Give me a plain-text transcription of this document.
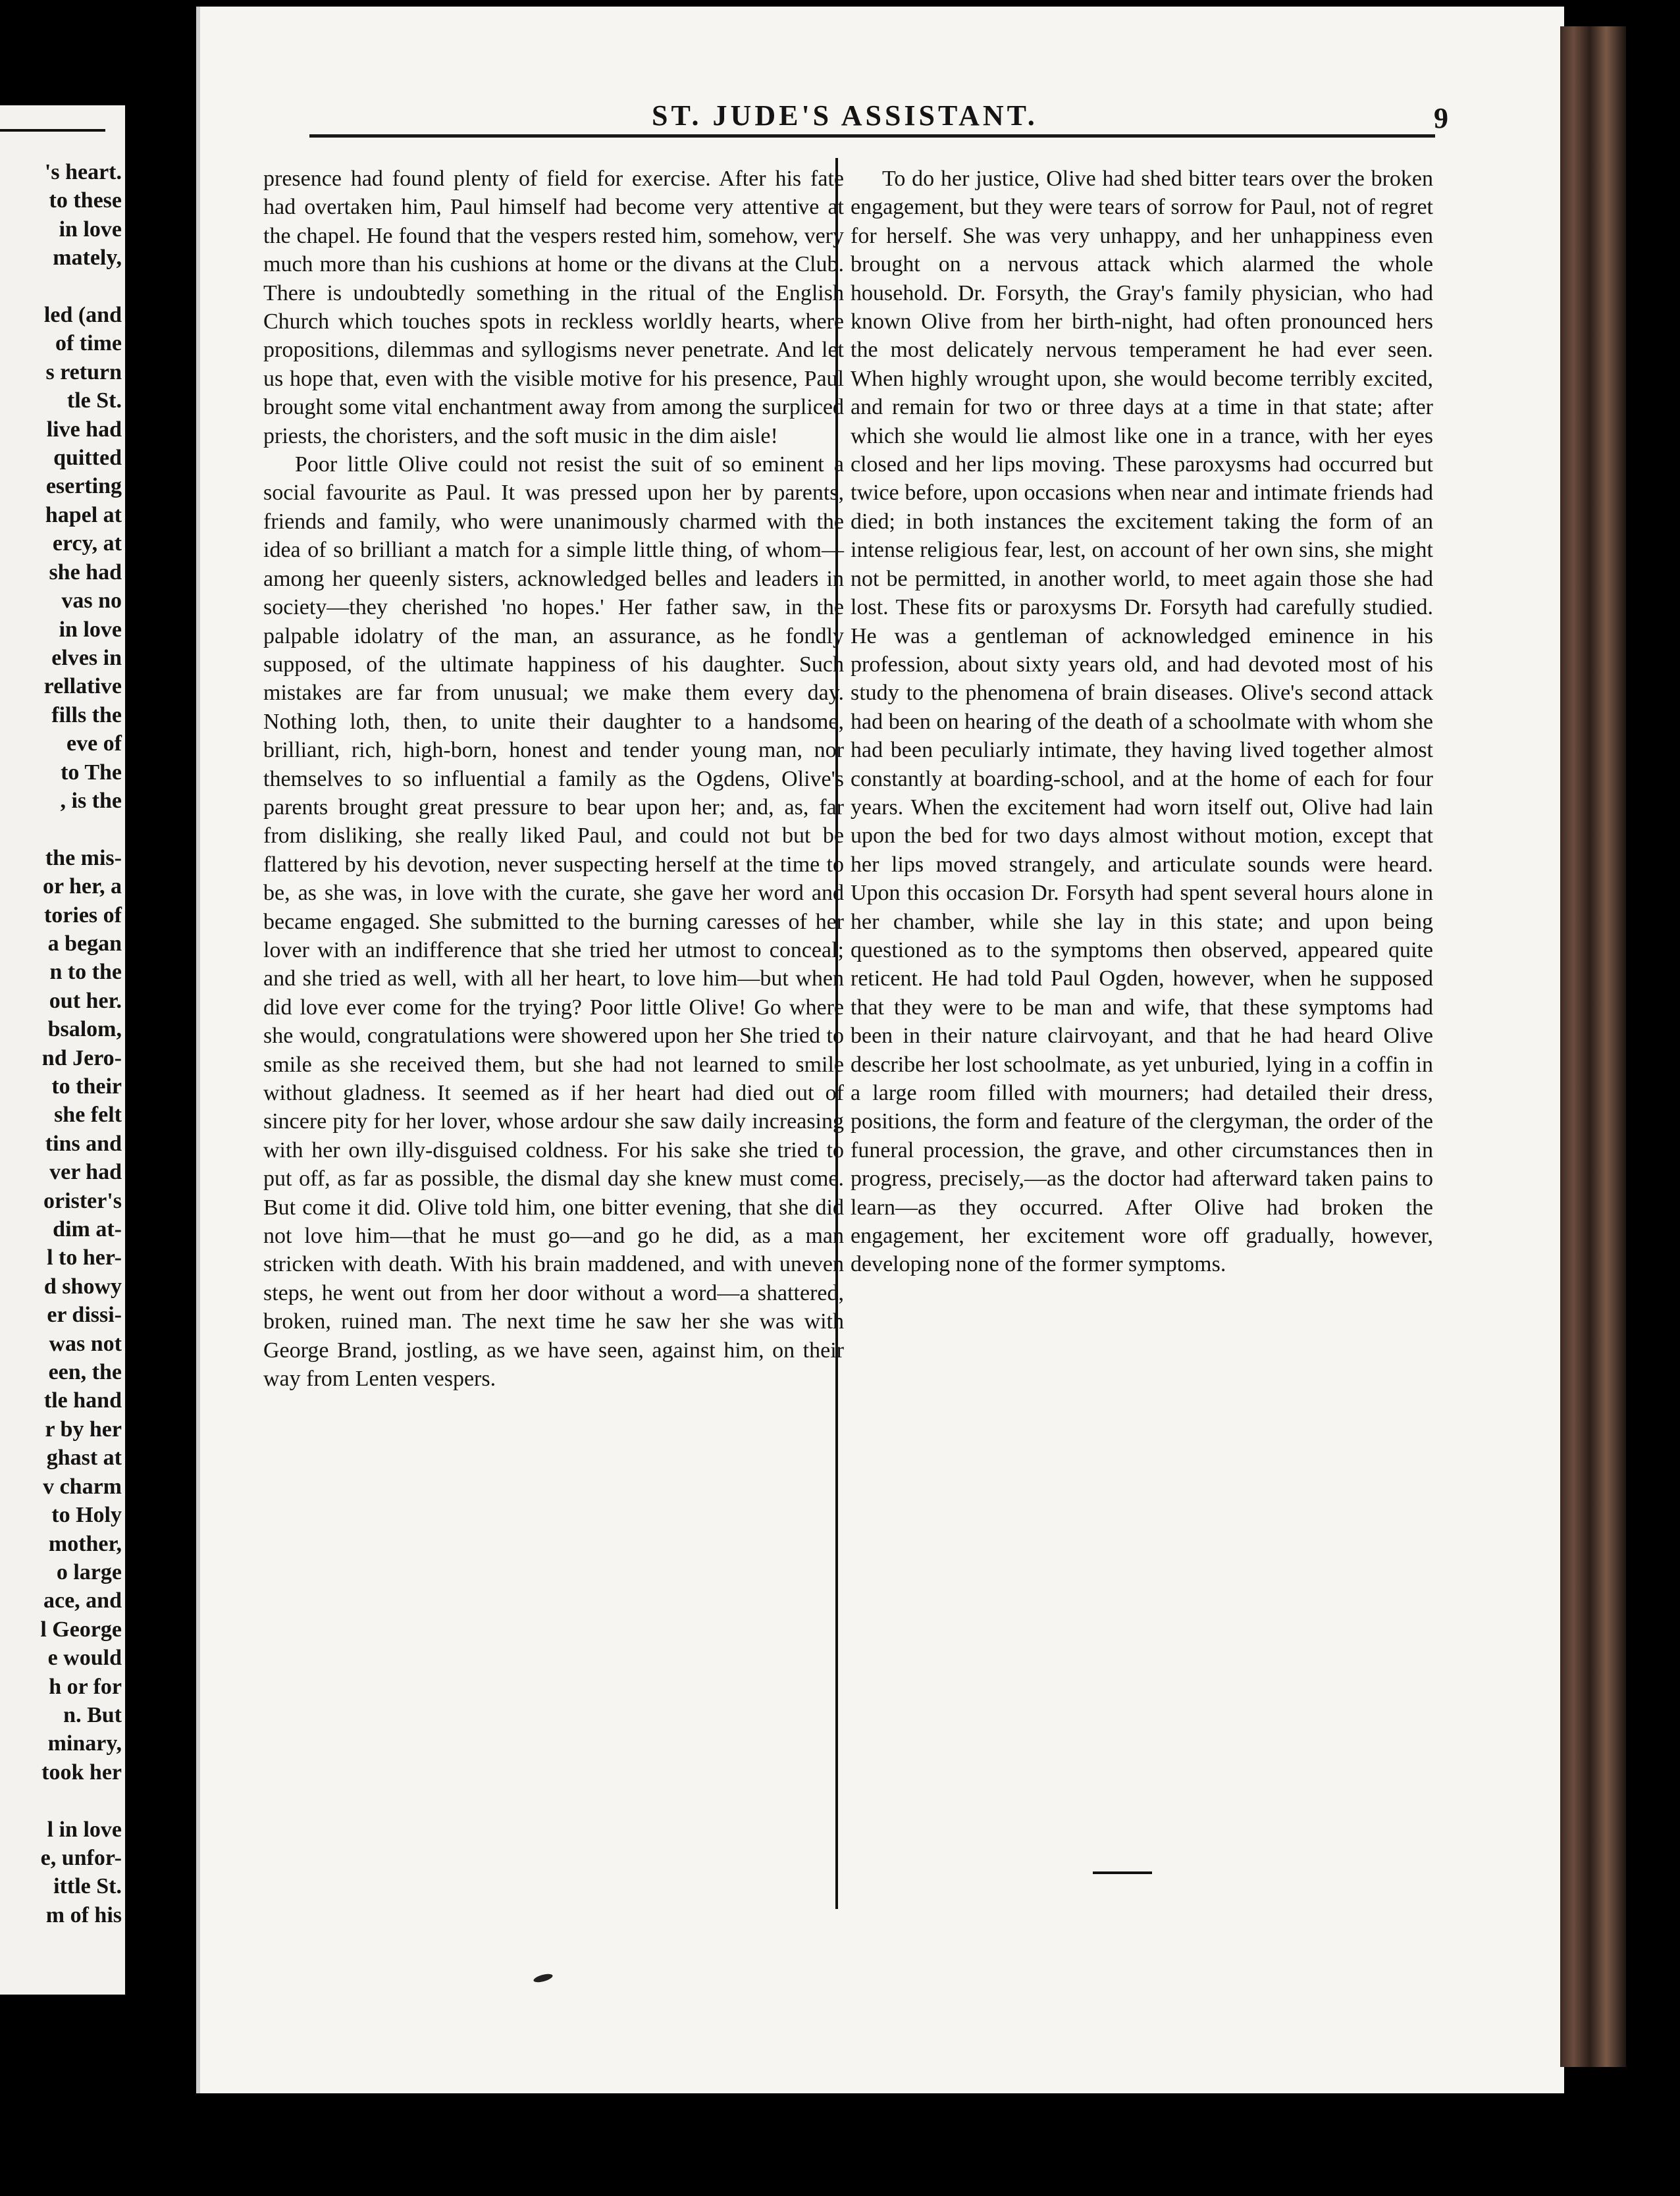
's heart.
to these
in love
mately,

led (and
of time
s return
tle St.
live had
quitted
eserting
hapel at
ercy, at
she had
vas no
in love
elves in
rellative
fills the
eve of
to The
, is the

the mis-
or her, a
tories of
a began
n to the
out her.
bsalom,
nd Jero-
to their
she felt
tins and
ver had
orister's
dim at-
l to her-
d showy
er dissi-
was not
een, the
tle hand
r by her
ghast at
v charm
to Holy
mother,
o large
ace, and
l George
e would
h or for
n. But
minary,
took her

l in love
e, unfor-
ittle St.
m of his
ST. JUDE'S ASSISTANT.	9

presence had found plenty of field for exercise. After his fate had overtaken him, Paul himself had become very attentive at the chapel. He found that the vespers rested him, somehow, very much more than his cushions at home or the divans at the Club. There is undoubtedly something in the ritual of the English Church which touches spots in reckless worldly hearts, where propositions, dilemmas and syllogisms never penetrate. And let us hope that, even with the visible motive for his presence, Paul brought some vital enchantment away from among the surpliced priests, the choristers, and the soft music in the dim aisle!

Poor little Olive could not resist the suit of so eminent a social favourite as Paul. It was pressed upon her by parents, friends and family, who were unanimously charmed with the idea of so brilliant a match for a simple little thing, of whom—among her queenly sisters, acknowledged belles and leaders in society—they cherished 'no hopes.' Her father saw, in the palpable idolatry of the man, an assurance, as he fondly supposed, of the ultimate happiness of his daughter. Such mistakes are far from unusual; we make them every day. Nothing loth, then, to unite their daughter to a handsome, brilliant, rich, high-born, honest and tender young man, nor themselves to so influential a family as the Ogdens, Olive's parents brought great pressure to bear upon her; and, as, far from disliking, she really liked Paul, and could not but be flattered by his devotion, never suspecting herself at the time to be, as she was, in love with the curate, she gave her word and became engaged. She submitted to the burning caresses of her lover with an indifference that she tried her utmost to conceal; and she tried as well, with all her heart, to love him—but when did love ever come for the trying? Poor little Olive! Go where she would, congratulations were showered upon her She tried to smile as she received them, but she had not learned to smile without gladness. It seemed as if her heart had died out of sincere pity for her lover, whose ardour she saw daily increasing with her own illy-disguised coldness. For his sake she tried to put off, as far as possible, the dismal day she knew must come. But come it did. Olive told him, one bitter evening, that she did not love him—that he must go—and go he did, as a man stricken with death. With his brain maddened, and with uneven steps, he went out from her door without a word—a shattered, broken, ruined man. The next time he saw her she was with George Brand, jostling, as we have seen, against him, on their way from Lenten vespers.

To do her justice, Olive had shed bitter tears over the broken engagement, but they were tears of sorrow for Paul, not of regret for herself. She was very unhappy, and her unhappiness even brought on a nervous attack which alarmed the whole household. Dr. Forsyth, the Gray's family physician, who had known Olive from her birth-night, had often pronounced hers the most delicately nervous temperament he had ever seen. When highly wrought upon, she would become terribly excited, and remain for two or three days at a time in that state; after which she would lie almost like one in a trance, with her eyes closed and her lips moving. These paroxysms had occurred but twice before, upon occasions when near and intimate friends had died; in both instances the excitement taking the form of an intense religious fear, lest, on account of her own sins, she might not be permitted, in another world, to meet again those she had lost. These fits or paroxysms Dr. Forsyth had carefully studied. He was a gentleman of acknowledged eminence in his profession, about sixty years old, and had devoted most of his study to the phenomena of brain diseases. Olive's second attack had been on hearing of the death of a schoolmate with whom she had been peculiarly intimate, they having lived together almost constantly at boarding-school, and at the home of each for four years. When the excitement had worn itself out, Olive had lain upon the bed for two days almost without motion, except that her lips moved strangely, and articulate sounds were heard. Upon this occasion Dr. Forsyth had spent several hours alone in her chamber, while she lay in this state; and upon being questioned as to the symptoms then observed, appeared quite reticent. He had told Paul Ogden, however, when he supposed that they were to be man and wife, that these symptoms had been in their nature clairvoyant, and that he had heard Olive describe her lost schoolmate, as yet unburied, lying in a coffin in a large room filled with mourners; had detailed their dress, positions, the form and feature of the clergyman, the order of the funeral procession, the grave, and other circumstances then in progress, precisely,—as the doctor had afterward taken pains to learn—as they occurred. After Olive had broken the engagement, her excitement wore off gradually, however, developing none of the former symptoms.
